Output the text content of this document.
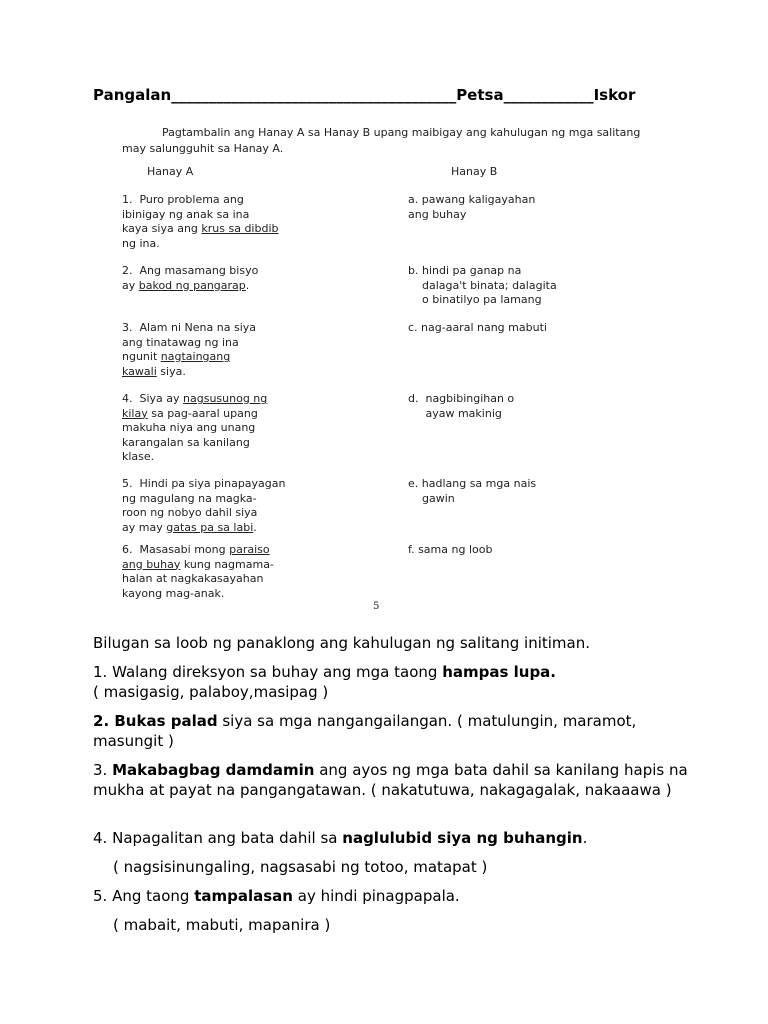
Pangalan______________________________________Petsa____________Iskor
Pagtambalin ang Hanay A sa Hanay B upang maibigay ang kahulugan ng mga salitang may salungguhit sa Hanay A.
Hanay A	Hanay B
1.  Puro problema ang
ibinigay ng anak sa ina
kaya siya ang krus sa dibdib
ng ina.
2.  Ang masamang bisyo
ay bakod ng pangarap.
3.  Alam ni Nena na siya
ang tinatawag ng ina
ngunit nagtaingang
kawali siya.
4.  Siya ay nagsusunog ng
kilay sa pag-aaral upang
makuha niya ang unang
karangalan sa kanilang
klase.
5.  Hindi pa siya pinapayagan
ng magulang na magka-
roon ng nobyo dahil siya
ay may gatas pa sa labi.
6.  Masasabi mong paraiso
ang buhay kung nagmama-
halan at nagkakasayahan
kayong mag-anak.
a. pawang kaligayahan
ang buhay
b. hindi pa ganap na
dalaga't binata; dalagita
o binatilyo pa lamang
c. nag-aaral nang mabuti
d.  nagbibingihan o
ayaw makinig
e. hadlang sa mga nais
gawin
f. sama ng loob
5
Bilugan sa loob ng panaklong ang kahulugan ng salitang initiman.
1. Walang direksyon sa buhay ang mga taong hampas lupa.
( masigasig, palaboy,masipag )
2. Bukas palad siya sa mga nangangailangan. ( matulungin, maramot, masungit )
3. Makabagbag damdamin ang ayos ng mga bata dahil sa kanilang hapis na mukha at payat na pangangatawan. ( nakatutuwa, nakagagalak, nakaaawa )
4. Napagalitan ang bata dahil sa naglulubid siya ng buhangin.
( nagsisinungaling, nagsasabi ng totoo, matapat )
5. Ang taong tampalasan ay hindi pinagpapala.
( mabait, mabuti, mapanira )
